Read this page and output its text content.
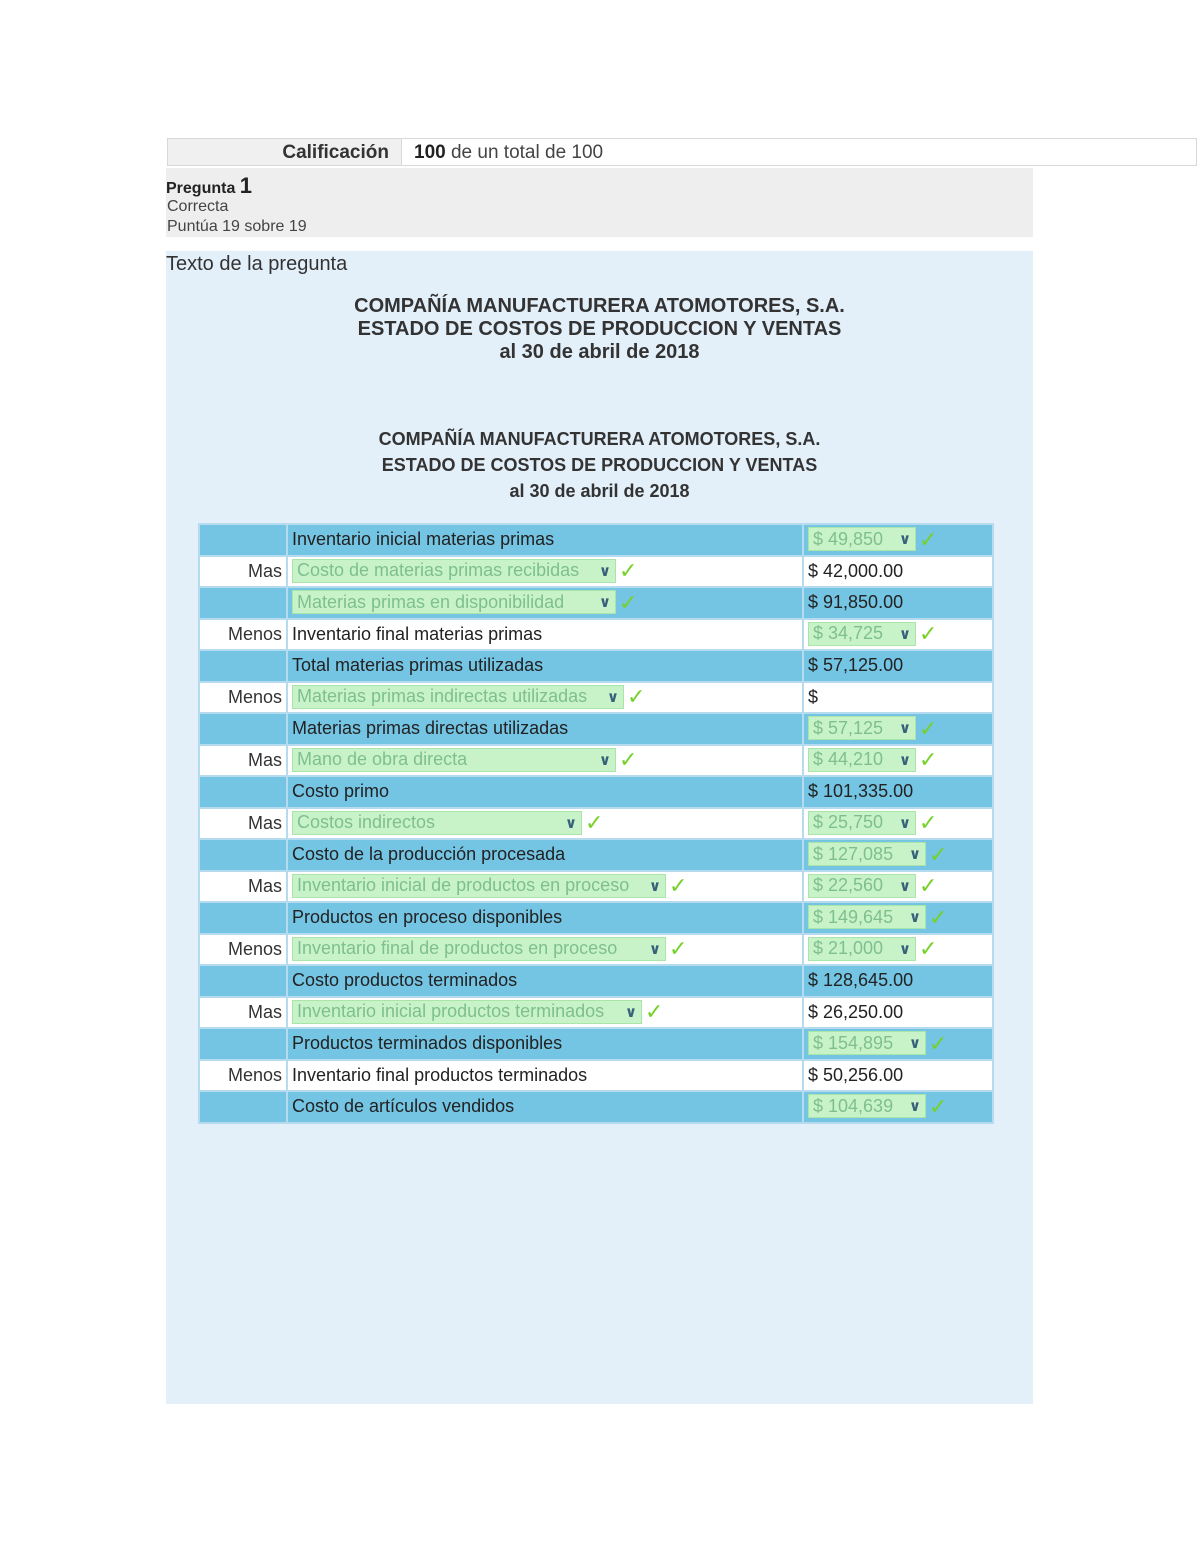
Calificación	100 de un total de 100
Pregunta 1
Correcta
Puntúa 19 sobre 19
Texto de la pregunta
COMPAÑÍA MANUFACTURERA ATOMOTORES, S.A.
ESTADO DE COSTOS DE PRODUCCION Y VENTAS
al 30 de abril de 2018
COMPAÑÍA MANUFACTURERA ATOMOTORES, S.A.
ESTADO DE COSTOS DE PRODUCCION Y VENTAS
al 30 de abril de 2018
	Inventario inicial materias primas	$ 49,850 ∨ ✓
Mas	Costo de materias primas recibidas ∨ ✓	$ 42,000.00

	Materias primas en disponibilidad ∨ ✓	$ 91,850.00
Menos	Inventario final materias primas	$ 34,725 ∨ ✓
	Total materias primas utilizadas	$ 57,125.00
Menos	Materias primas indirectas utilizadas ∨ ✓	$
	Materias primas directas utilizadas	$ 57,125 ∨ ✓
Mas	Mano de obra directa ∨ ✓	$ 44,210 ∨ ✓
	Costo primo	$ 101,335.00
Mas	Costos indirectos ∨ ✓	$ 25,750 ∨ ✓
	Costo de la producción procesada	$ 127,085 ∨ ✓
Mas	Inventario inicial de productos en proceso ∨ ✓	$ 22,560 ∨ ✓
	Productos en proceso disponibles	$ 149,645 ∨ ✓
Menos	Inventario final de productos en proceso ∨ ✓	$ 21,000 ∨ ✓
	Costo productos terminados	$ 128,645.00
Mas	Inventario inicial productos terminados ∨ ✓	$ 26,250.00
	Productos terminados disponibles	$ 154,895 ∨ ✓
Menos	Inventario final productos terminados	$ 50,256.00
	Costo de artículos vendidos	$ 104,639 ∨ ✓
